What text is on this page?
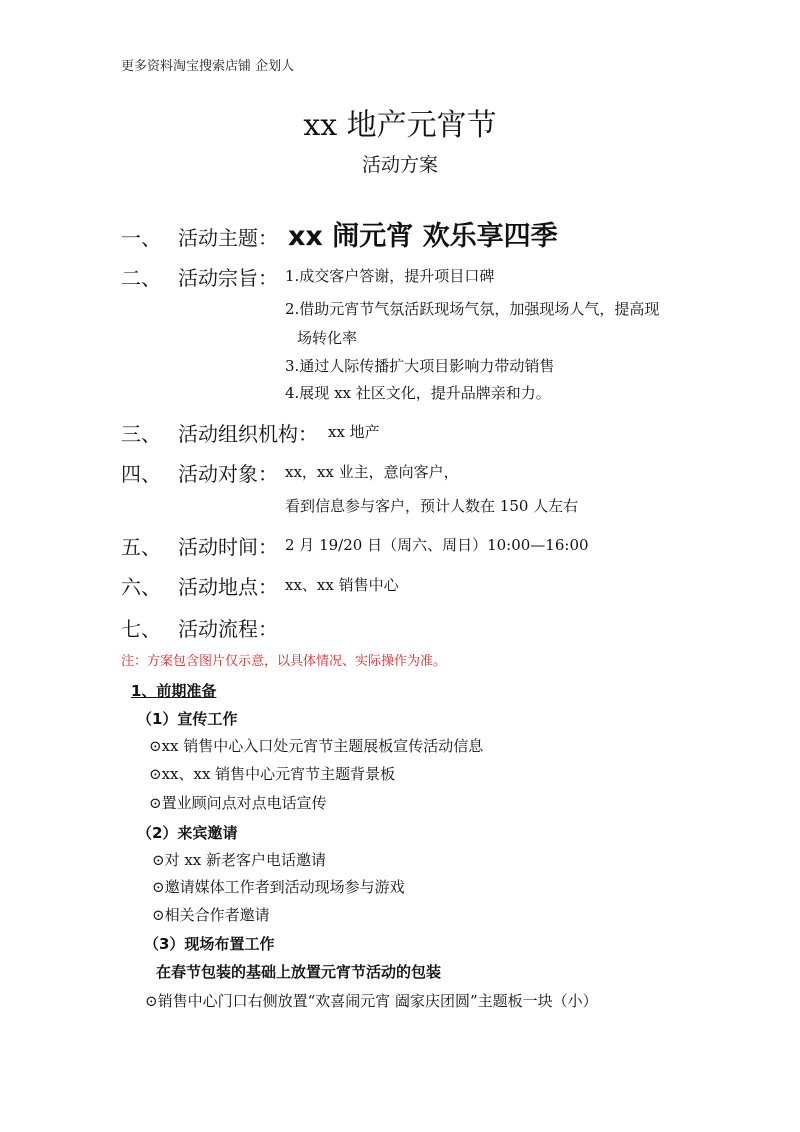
更多资料淘宝搜索店铺 企划人
xx 地产元宵节
活动方案
一、 活动主题： xx 闹元宵 欢乐享四季
二、 活动宗旨： 1.成交客户答谢，提升项目口碑
2.借助元宵节气氛活跃现场气氛，加强现场人气，提高现
场转化率
3.通过人际传播扩大项目影响力带动销售
4.展现 xx 社区文化，提升品牌亲和力。
三、 活动组织机构： xx 地产
四、 活动对象： xx，xx 业主，意向客户，
看到信息参与客户，预计人数在 150 人左右
五、 活动时间： 2 月 19/20 日（周六、周日）10:00—16:00
六、 活动地点： xx、xx 销售中心
七、 活动流程：
注：方案包含图片仅示意，以具体情况、实际操作为准。
1、前期准备
（1）宣传工作
⊙xx 销售中心入口处元宵节主题展板宣传活动信息
⊙xx、xx 销售中心元宵节主题背景板
⊙置业顾问点对点电话宣传
（2）来宾邀请
⊙对 xx 新老客户电话邀请
⊙邀请媒体工作者到活动现场参与游戏
⊙相关合作者邀请
（3）现场布置工作
在春节包装的基础上放置元宵节活动的包装
⊙销售中心门口右侧放置“欢喜闹元宵 阖家庆团圆”主题板一块（小）
